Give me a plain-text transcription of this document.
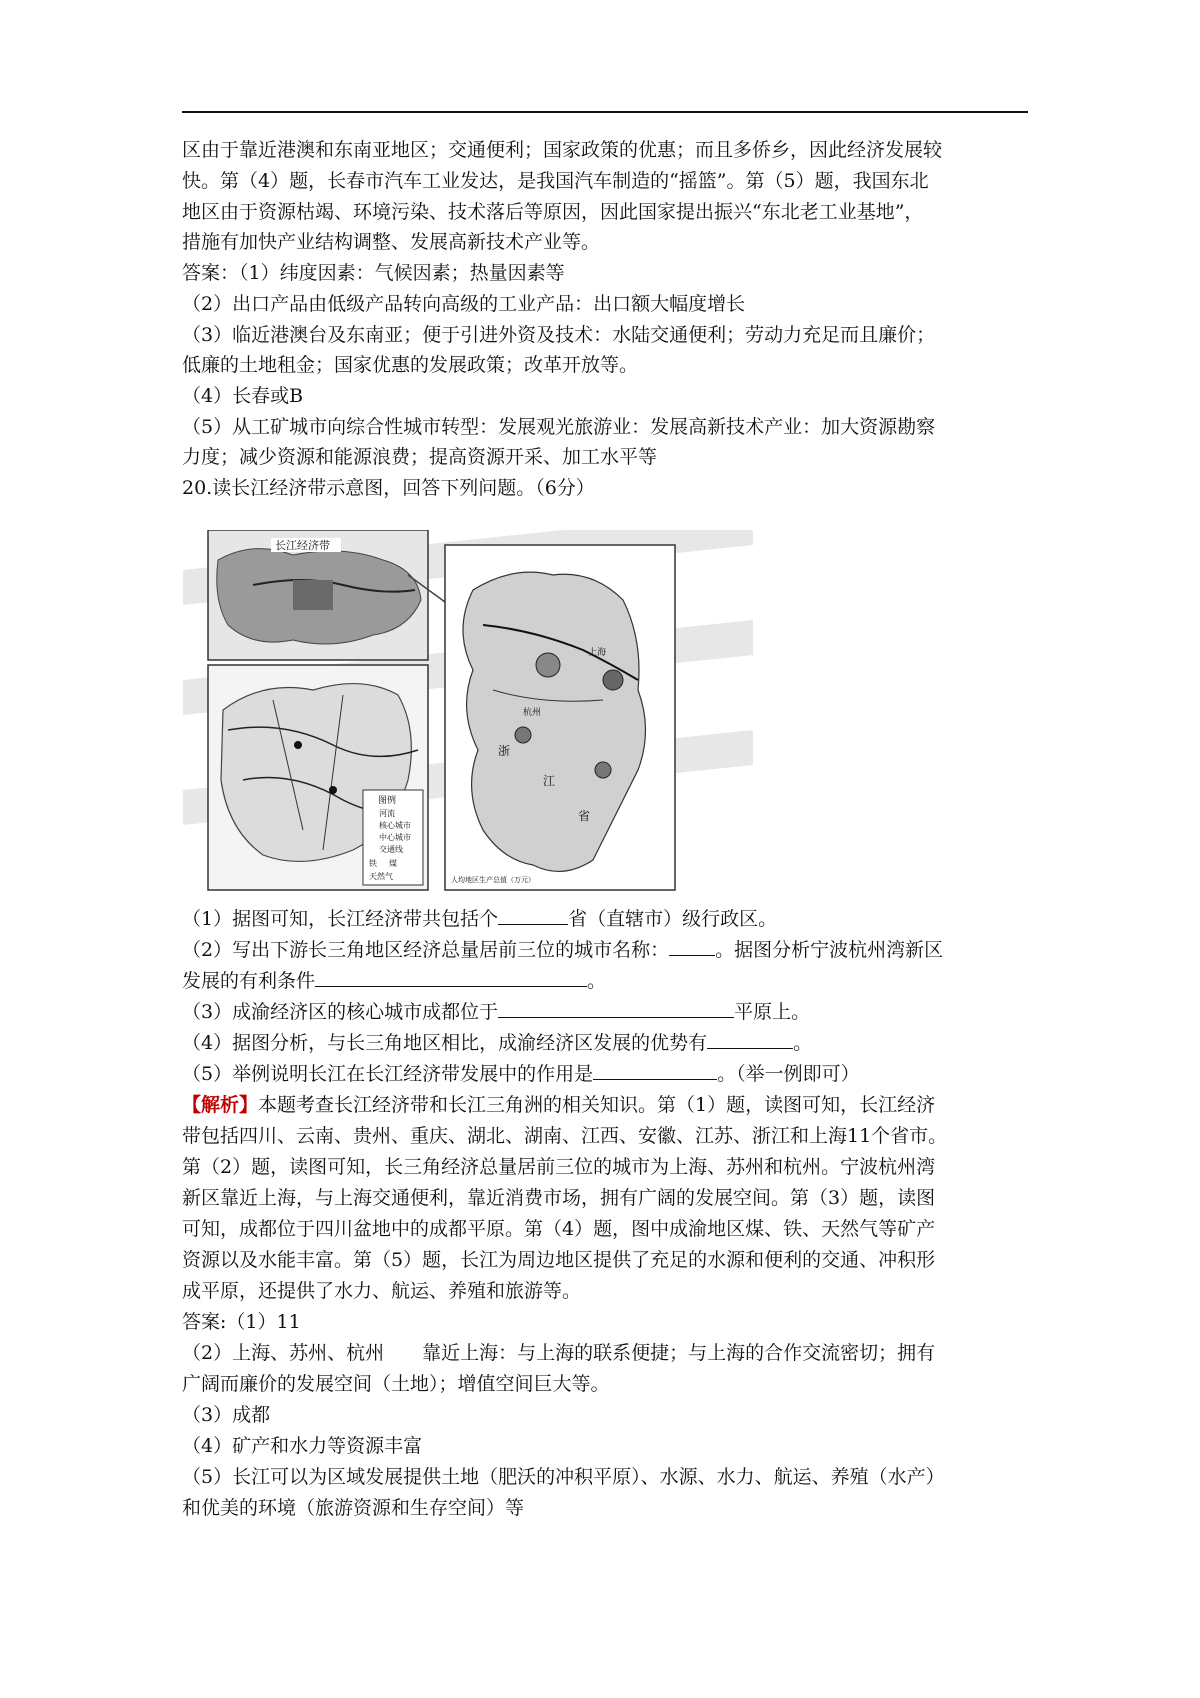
区由于靠近港澳和东南亚地区；交通便利；国家政策的优惠；而且多侨乡，因此经济发展较
快。第（4）题，长春市汽车工业发达，是我国汽车制造的“摇篮”。第（5）题，我国东北
地区由于资源枯竭、环境污染、技术落后等原因，因此国家提出振兴“东北老工业基地”，
措施有加快产业结构调整、发展高新技术产业等。
答案：（1）纬度因素：气候因素；热量因素等
（2）出口产品由低级产品转向高级的工业产品：出口额大幅度增长
（3）临近港澳台及东南亚；便于引进外资及技术：水陆交通便利；劳动力充足而且廉价；
低廉的土地租金；国家优惠的发展政策；改革开放等。
（4）长春或B
（5）从工矿城市向综合性城市转型：发展观光旅游业：发展高新技术产业：加大资源勘察
力度；减少资源和能源浪费；提高资源开采、加工水平等
20.读长江经济带示意图，回答下列问题。（6分）
长江经济带
图例
河流
核心城市
中心城市
交通线
铁 煤
天然气
上海
杭州
浙
江
省
人均地区生产总值（万元）
（1）据图可知，长江经济带共包括个	省（直辖市）级行政区。
（2）写出下游长三角地区经济总量居前三位的城市名称： 。据图分析宁波杭州湾新区
发展的有利条件	。
（3）成渝经济区的核心城市成都位于	平原上。
（4）据图分析，与长三角地区相比，成渝经济区发展的优势有	。
（5）举例说明长江在长江经济带发展中的作用是	。（举一例即可）
【解析】本题考查长江经济带和长江三角洲的相关知识。第（1）题，读图可知，长江经济
带包括四川、云南、贵州、重庆、湖北、湖南、江西、安徽、江苏、浙江和上海11个省市。
第（2）题，读图可知，长三角经济总量居前三位的城市为上海、苏州和杭州。宁波杭州湾
新区靠近上海，与上海交通便利，靠近消费市场，拥有广阔的发展空间。第（3）题，读图
可知，成都位于四川盆地中的成都平原。第（4）题，图中成渝地区煤、铁、天然气等矿产
资源以及水能丰富。第（5）题，长江为周边地区提供了充足的水源和便利的交通、冲积形
成平原，还提供了水力、航运、养殖和旅游等。
答案:（1）11
（2）上海、苏州、杭州　　靠近上海：与上海的联系便捷；与上海的合作交流密切；拥有
广阔而廉价的发展空间（土地）；增值空间巨大等。
（3）成都
（4）矿产和水力等资源丰富
（5）长江可以为区域发展提供土地（肥沃的冲积平原）、水源、水力、航运、养殖（水产）
和优美的环境（旅游资源和生存空间）等
